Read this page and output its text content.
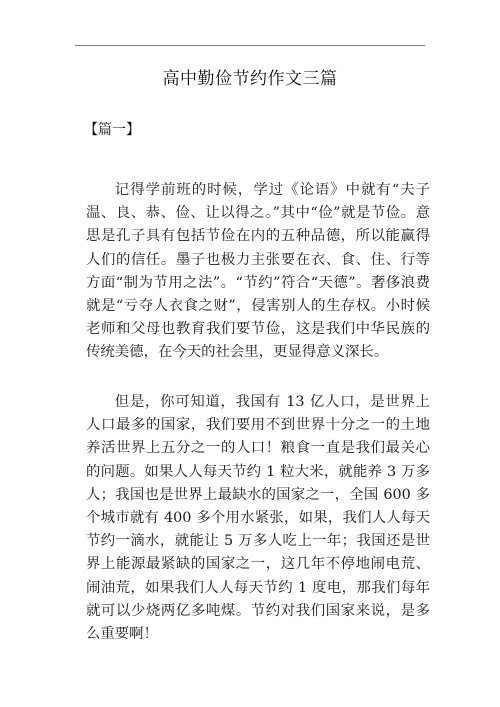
高中勤俭节约作文三篇
【篇一】

记得学前班的时候，学过《论语》中就有“夫子温、良、恭、俭、让以得之。”其中“俭”就是节俭。意思是孔子具有包括节俭在内的五种品德，所以能赢得人们的信任。墨子也极力主张要在衣、食、住、行等方面“制为节用之法”。“节约”符合“天德”。奢侈浪费就是“亏夺人衣食之财”，侵害别人的生存权。小时候老师和父母也教育我们要节俭，这是我们中华民族的传统美德，在今天的社会里，更显得意义深长。

但是，你可知道，我国有 13 亿人口，是世界上人口最多的国家，我们要用不到世界十分之一的土地养活世界上五分之一的人口！粮食一直是我们最关心的问题。如果人人每天节约 1 粒大米，就能养 3 万多人；我国也是世界上最缺水的国家之一，全国 600 多个城市就有 400 多个用水紧张，如果，我们人人每天节约一滴水，就能让 5 万多人吃上一年；我国还是世界上能源最紧缺的国家之一，这几年不停地闹电荒、闹油荒，如果我们人人每天节约 1 度电，那我们每年就可以少烧两亿多吨煤。节约对我们国家来说，是多么重要啊！
